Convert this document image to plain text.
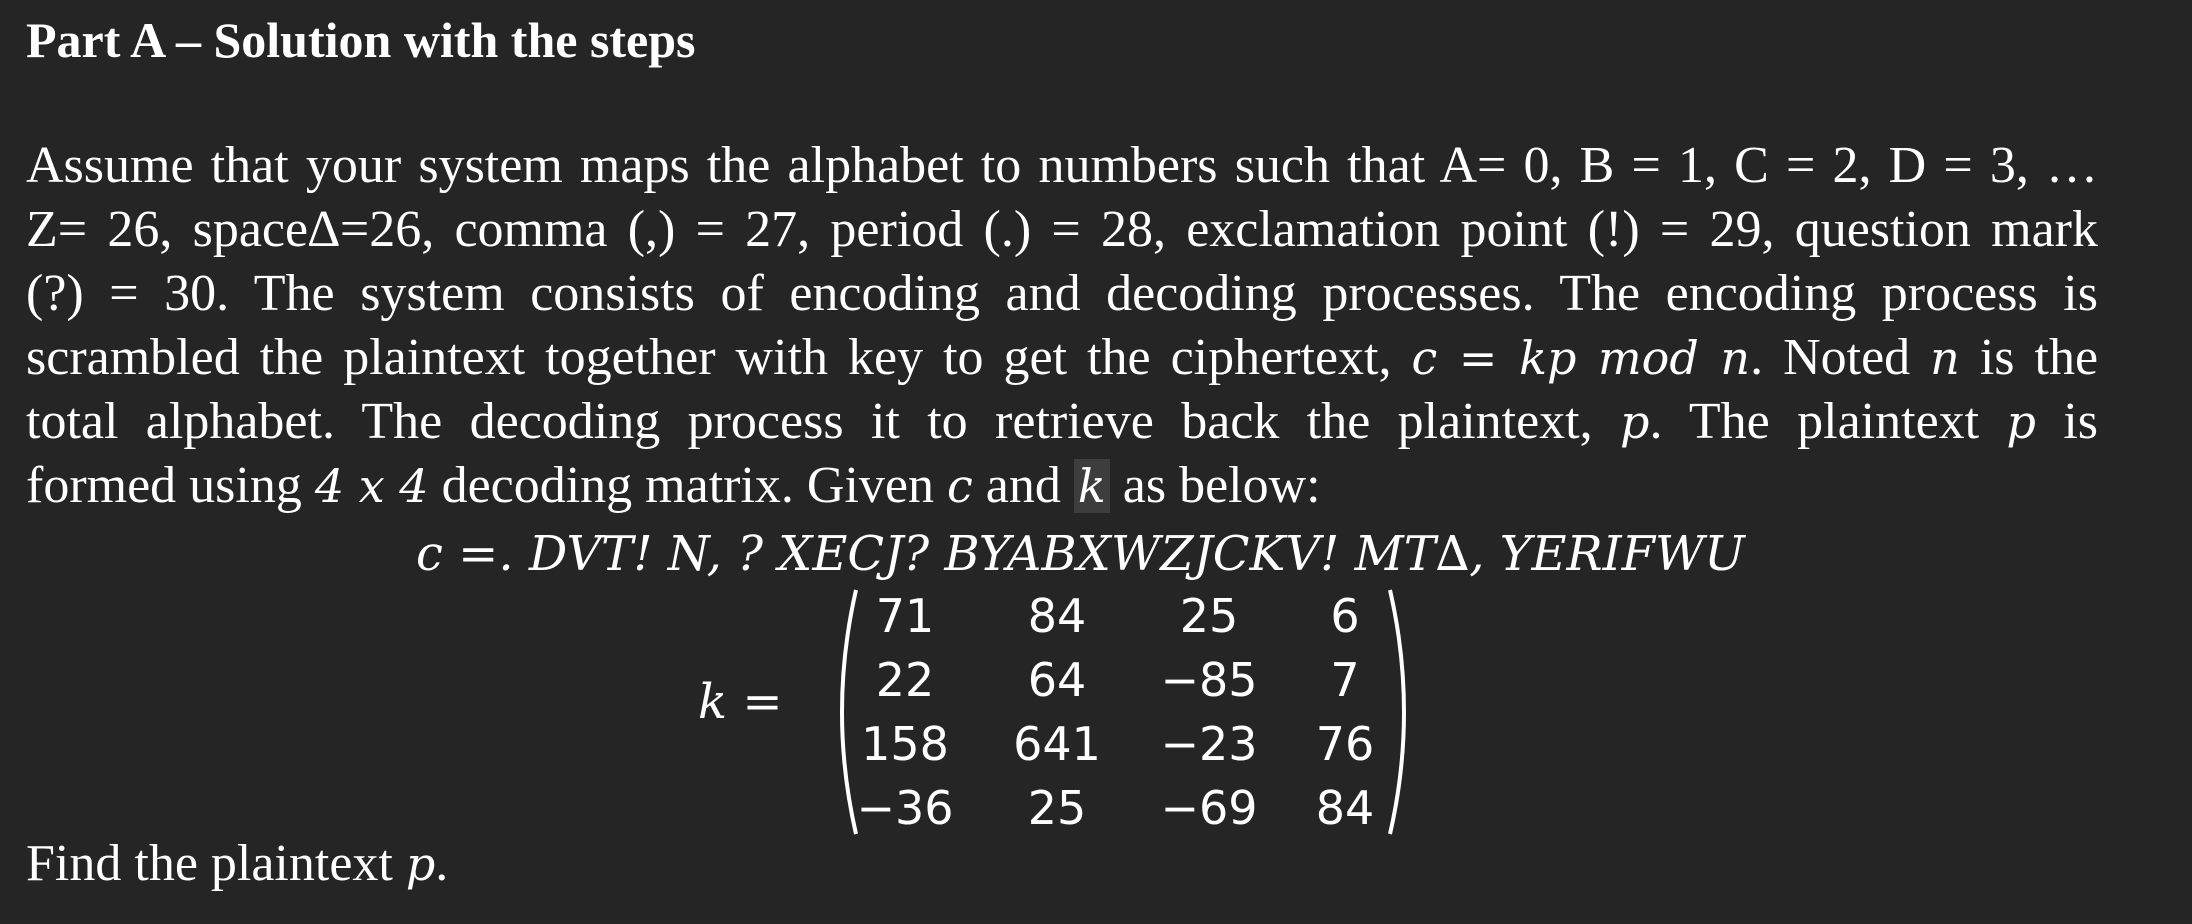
Part A – Solution with the steps
Assume that your system maps the alphabet to numbers such that A= 0, B = 1, C = 2, D = 3, …
Z= 26, space∆=26, comma (,) = 27, period (.) = 28, exclamation point (!) = 29, question mark
(?) = 30. The system consists of encoding and decoding processes. The encoding process is
scrambled the plaintext together with key to get the ciphertext, c = kp mod n. Noted n is the
total alphabet. The decoding process it to retrieve back the plaintext, p. The plaintext p is
formed using 4 x 4 decoding matrix. Given c and k as below:
c =. DVT! N, ? XECJ? BYABXWZJCKV! MT∆, YERIFWU
k =
71	84	25	6
22	64	−85	7
158	641	−23	76
−36	25	−69	84
Find the plaintext p.
